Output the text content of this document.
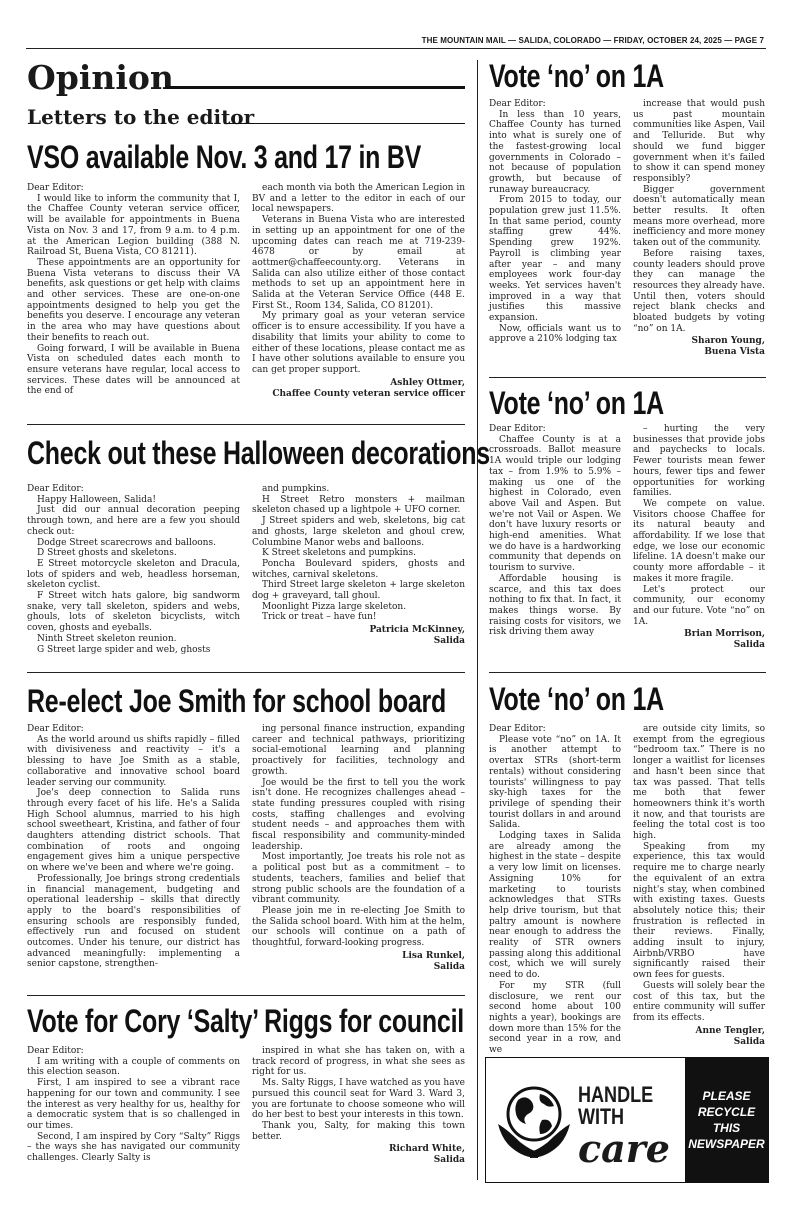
THE MOUNTAIN MAIL — SALIDA, COLORADO — FRIDAY, OCTOBER 24, 2025 — PAGE 7
Opinion
Letters to the editor
VSO available Nov. 3 and 17 in BV

Dear Editor:

I would like to inform the community that I, the Chaffee County veteran service officer, will be available for appointments in Buena Vista on Nov. 3 and 17, from 9 a.m. to 4 p.m. at the American Legion building (388 N. Railroad St, Buena Vista, CO 81211).

These appointments are an opportunity for Buena Vista veterans to discuss their VA benefits, ask questions or get help with claims and other services. These are one-on-one appointments designed to help you get the benefits you deserve. I encourage any veteran in the area who may have questions about their benefits to reach out.

Going forward, I will be available in Buena Vista on scheduled dates each month to ensure veterans have regular, local access to services. These dates will be announced at the end of

each month via both the American Legion in BV and a letter to the editor in each of our local newspapers.

Veterans in Buena Vista who are interested in setting up an appointment for one of the upcoming dates can reach me at 719-239-4678 or by email at aottmer@chaffeecounty.org. Veterans in Salida can also utilize either of those contact methods to set up an appointment here in Salida at the Veteran Service Office (448 E. First St., Room 134, Salida, CO 81201).

My primary goal as your veteran service officer is to ensure accessibility. If you have a disability that limits your ability to come to either of these locations, please contact me as I have other solutions available to ensure you can get proper support.

Ashley Ottmer,
Chaffee County veteran service officer
Check out these Halloween decorations

Dear Editor:

Happy Halloween, Salida!

Just did our annual decoration peeping through town, and here are a few you should check out:

Dodge Street scarecrows and balloons.

D Street ghosts and skeletons.

E Street motorcycle skeleton and Dracula, lots of spiders and web, headless horseman, skeleton cyclist.

F Street witch hats galore, big sandworm snake, very tall skeleton, spiders and webs, ghouls, lots of skeleton bicyclists, witch coven, ghosts and eyeballs.

Ninth Street skeleton reunion.

G Street large spider and web, ghosts

and pumpkins.

H Street Retro monsters + mailman skeleton chased up a lightpole + UFO corner.

J Street spiders and web, skeletons, big cat and ghosts, large skeleton and ghoul crew, Columbine Manor webs and balloons.

K Street skeletons and pumpkins.

Poncha Boulevard spiders, ghosts and witches, carnival skeletons.

Third Street large skeleton + large skeleton dog + graveyard, tall ghoul.

Moonlight Pizza large skeleton.

Trick or treat – have fun!

Patricia McKinney,
Salida
Re-elect Joe Smith for school board

Dear Editor:

As the world around us shifts rapidly – filled with divisiveness and reactivity – it's a blessing to have Joe Smith as a stable, collaborative and innovative school board leader serving our community.

Joe's deep connection to Salida runs through every facet of his life. He's a Salida High School alumnus, married to his high school sweetheart, Kristina, and father of four daughters attending district schools. That combination of roots and ongoing engagement gives him a unique perspective on where we've been and where we're going.

Professionally, Joe brings strong credentials in financial management, budgeting and operational leadership – skills that directly apply to the board's responsibilities of ensuring schools are responsibly funded, effectively run and focused on student outcomes. Under his tenure, our district has advanced meaningfully: implementing a senior capstone, strengthen-

ing personal finance instruction, expanding career and technical pathways, prioritizing social-emotional learning and planning proactively for facilities, technology and growth.

Joe would be the first to tell you the work isn't done. He recognizes challenges ahead – state funding pressures coupled with rising costs, staffing challenges and evolving student needs – and approaches them with fiscal responsibility and community-minded leadership.

Most importantly, Joe treats his role not as a political post but as a commitment – to students, teachers, families and belief that strong public schools are the foundation of a vibrant community.

Please join me in re-electing Joe Smith to the Salida school board. With him at the helm, our schools will continue on a path of thoughtful, forward-looking progress.

Lisa Runkel,
Salida
Vote for Cory ‘Salty’ Riggs for council

Dear Editor:

I am writing with a couple of comments on this election season.

First, I am inspired to see a vibrant race happening for our town and community. I see the interest as very healthy for us, healthy for a democratic system that is so challenged in our times.

Second, I am inspired by Cory “Salty” Riggs – the ways she has navigated our community challenges. Clearly Salty is

inspired in what she has taken on, with a track record of progress, in what she sees as right for us.

Ms. Salty Riggs, I have watched as you have pursued this council seat for Ward 3. Ward 3, you are fortunate to choose someone who will do her best to best your interests in this town.

Thank you, Salty, for making this town better.

Richard White,
Salida
Vote ‘no’ on 1A

Dear Editor:

In less than 10 years, Chaffee County has turned into what is surely one of the fastest-growing local governments in Colorado – not because of population growth, but because of runaway bureaucracy.

From 2015 to today, our population grew just 11.5%. In that same period, county staffing grew 44%. Spending grew 192%. Payroll is climbing year after year – and many employees work four-day weeks. Yet services haven't improved in a way that justifies this massive expansion.

Now, officials want us to approve a 210% lodging tax

increase that would push us past mountain communities like Aspen, Vail and Telluride. But why should we fund bigger government when it's failed to show it can spend money responsibly?

Bigger government doesn't automatically mean better results. It often means more overhead, more inefficiency and more money taken out of the community.

Before raising taxes, county leaders should prove they can manage the resources they already have. Until then, voters should reject blank checks and bloated budgets by voting “no” on 1A.

Sharon Young,
Buena Vista
Vote ‘no’ on 1A

Dear Editor:

Chaffee County is at a crossroads. Ballot measure 1A would triple our lodging tax – from 1.9% to 5.9% – making us one of the highest in Colorado, even above Vail and Aspen. But we're not Vail or Aspen. We don't have luxury resorts or high-end amenities. What we do have is a hardworking community that depends on tourism to survive.

Affordable housing is scarce, and this tax does nothing to fix that. In fact, it makes things worse. By raising costs for visitors, we risk driving them away

– hurting the very businesses that provide jobs and paychecks to locals. Fewer tourists mean fewer hours, fewer tips and fewer opportunities for working families.

We compete on value. Visitors choose Chaffee for its natural beauty and affordability. If we lose that edge, we lose our economic lifeline. 1A doesn't make our county more affordable – it makes it more fragile.

Let's protect our community, our economy and our future. Vote “no” on 1A.

Brian Morrison,
Salida
Vote ‘no’ on 1A

Dear Editor:

Please vote “no” on 1A. It is another attempt to overtax STRs (short-term rentals) without considering tourists' willingness to pay sky-high taxes for the privilege of spending their tourist dollars in and around Salida.

Lodging taxes in Salida are already among the highest in the state – despite a very low limit on licenses. Assigning 10% for marketing to tourists acknowledges that STRs help drive tourism, but that paltry amount is nowhere near enough to address the reality of STR owners passing along this additional cost, which we will surely need to do.

For my STR (full disclosure, we rent our second home about 100 nights a year), bookings are down more than 15% for the second year in a row, and we

are outside city limits, so exempt from the egregious “bedroom tax.” There is no longer a waitlist for licenses and hasn't been since that tax was passed. That tells me both that fewer homeowners think it's worth it now, and that tourists are feeling the total cost is too high.

Speaking from my experience, this tax would require me to charge nearly the equivalent of an extra night's stay, when combined with existing taxes. Guests absolutely notice this; their frustration is reflected in their reviews. Finally, adding insult to injury, Airbnb/VRBO have significantly raised their own fees for guests.

Guests will solely bear the cost of this tax, but the entire community will suffer from its effects.

Anne Tengler,
Salida
HANDLE
WITH
care
PLEASE
RECYCLE
THIS
NEWSPAPER
